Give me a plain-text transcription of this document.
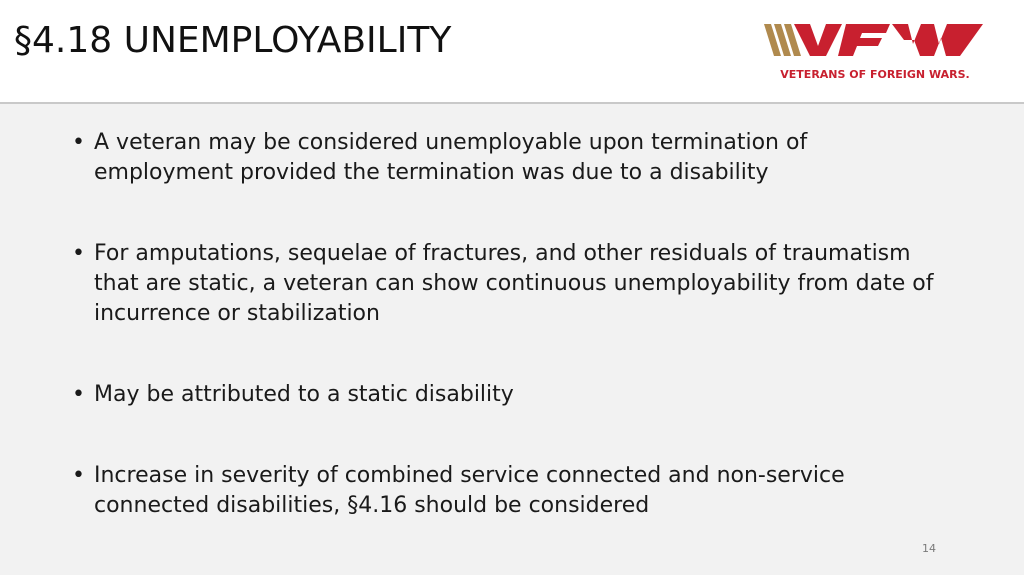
§4.18 UNEMPLOYABILITY
VETERANS OF FOREIGN WARS.
• A veteran may be considered unemployable upon termination of employment provided the termination was due to a disability
• For amputations, sequelae of fractures, and other residuals of traumatism that are static, a veteran can show continuous unemployability from date of incurrence or stabilization
• May be attributed to a static disability
• Increase in severity of combined service connected and non-service connected disabilities, §4.16 should be considered
14
